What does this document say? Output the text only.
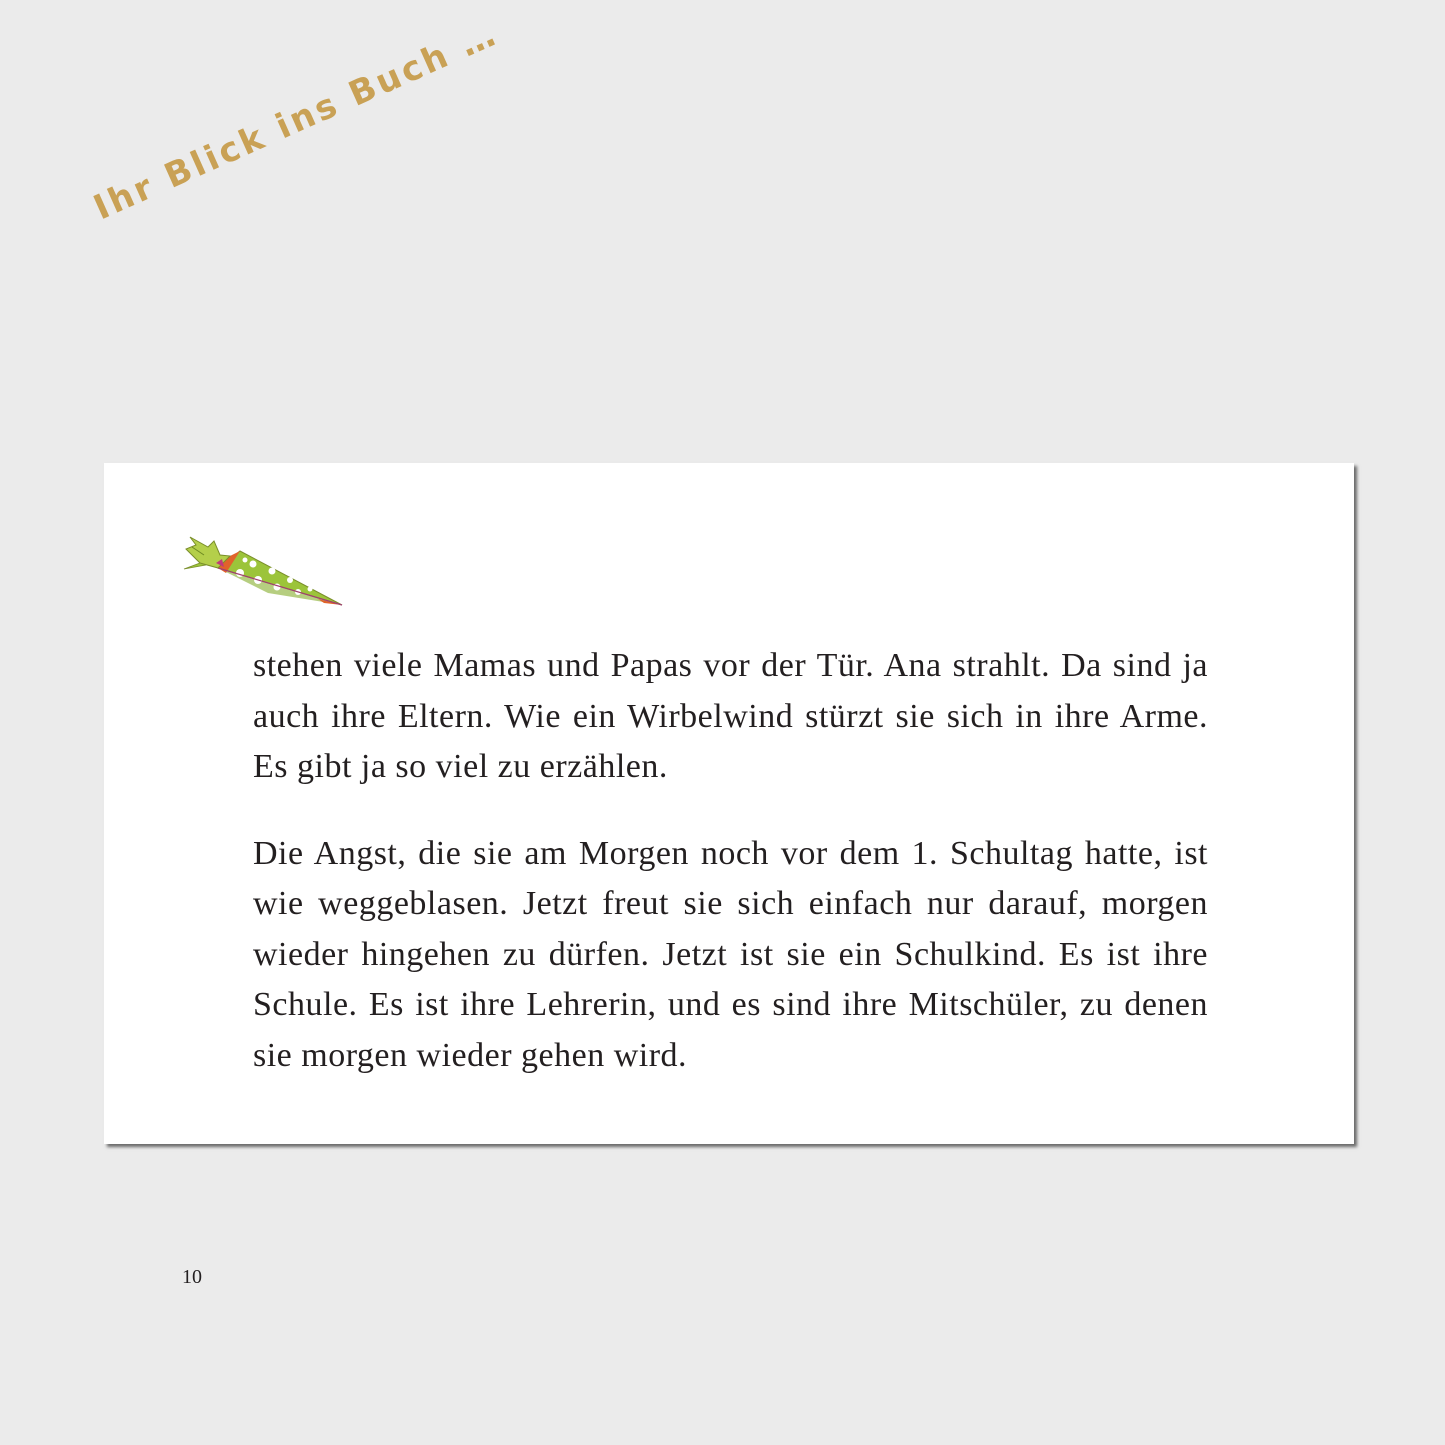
Ihr Blick ins Buch …

stehen viele Mamas und Papas vor der Tür. Ana strahlt. Da sind ja auch ihre Eltern. Wie ein Wirbelwind stürzt sie sich in ihre Arme. Es gibt ja so viel zu erzählen.

Die Angst, die sie am Morgen noch vor dem 1. Schultag hatte, ist wie weggeblasen. Jetzt freut sie sich einfach nur darauf, morgen wieder hingehen zu dürfen. Jetzt ist sie ein Schulkind. Es ist ihre Schule. Es ist ihre Lehrerin, und es sind ihre Mitschüler, zu denen sie morgen wieder gehen wird.

10
